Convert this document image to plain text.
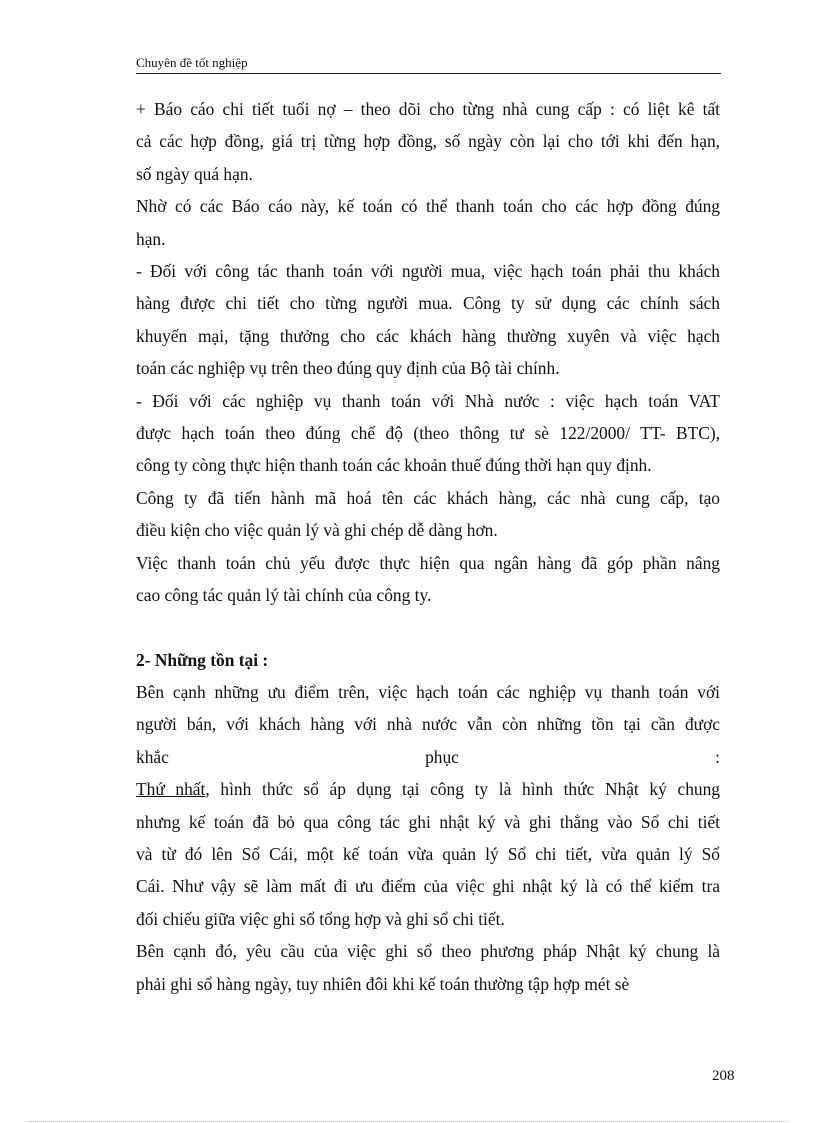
Chuyên đề tốt nghiệp
+ Báo cáo chi tiết tuổi nợ – theo dõi cho từng nhà cung cấp : có liệt kê tất
cả các hợp đồng, giá trị từng hợp đồng, số ngày còn lại cho tới khi đến hạn,
số ngày quá hạn.
Nhờ có các Báo cáo này, kế toán có thể thanh toán cho các hợp đồng đúng
hạn.
- Đối với công tác thanh toán với người mua, việc hạch toán phải thu khách
hàng được chi tiết cho từng người mua. Công ty sử dụng các chính sách
khuyến mại, tặng thưởng cho các khách hàng thường xuyên và việc hạch
toán các nghiệp vụ trên theo đúng quy định của Bộ tài chính.
- Đối với các nghiệp vụ thanh toán với Nhà nước : việc hạch toán VAT
được hạch toán theo đúng chế độ (theo thông tư sè 122/2000/ TT- BTC),
công ty còng thực hiện thanh toán các khoản thuế đúng thời hạn quy định.
Công ty đã tiến hành mã hoá tên các khách hàng, các nhà cung cấp, tạo
điều kiện cho việc quản lý và ghi chép dễ dàng hơn.
Việc thanh toán chủ yếu được thực hiện qua ngân hàng đã góp phần nâng
cao công tác quản lý tài chính của công ty.
2- Những tồn tại :
Bên cạnh những ưu điểm trên, việc hạch toán các nghiệp vụ thanh toán với
người bán, với khách hàng với nhà nước vẫn còn những tồn tại cần được
khắc	phục	:
Thứ nhất, hình thức sổ áp dụng tại công ty là hình thức Nhật ký chung
nhưng kế toán đã bỏ qua công tác ghi nhật ký và ghi thẳng vào Sổ chi tiết
và từ đó lên Sổ Cái, một kế toán vừa quản lý Sổ chi tiết, vừa quản lý Sổ
Cái. Như vậy sẽ làm mất đi ưu điểm của việc ghi nhật ký là có thể kiểm tra
đối chiếu giữa việc ghi sổ tổng hợp và ghi sổ chi tiết.
Bên cạnh đó, yêu cầu của việc ghi sổ theo phương pháp Nhật ký chung là
phải ghi sổ hàng ngày, tuy nhiên đôi khi kế toán thường tập hợp mét sè
208
